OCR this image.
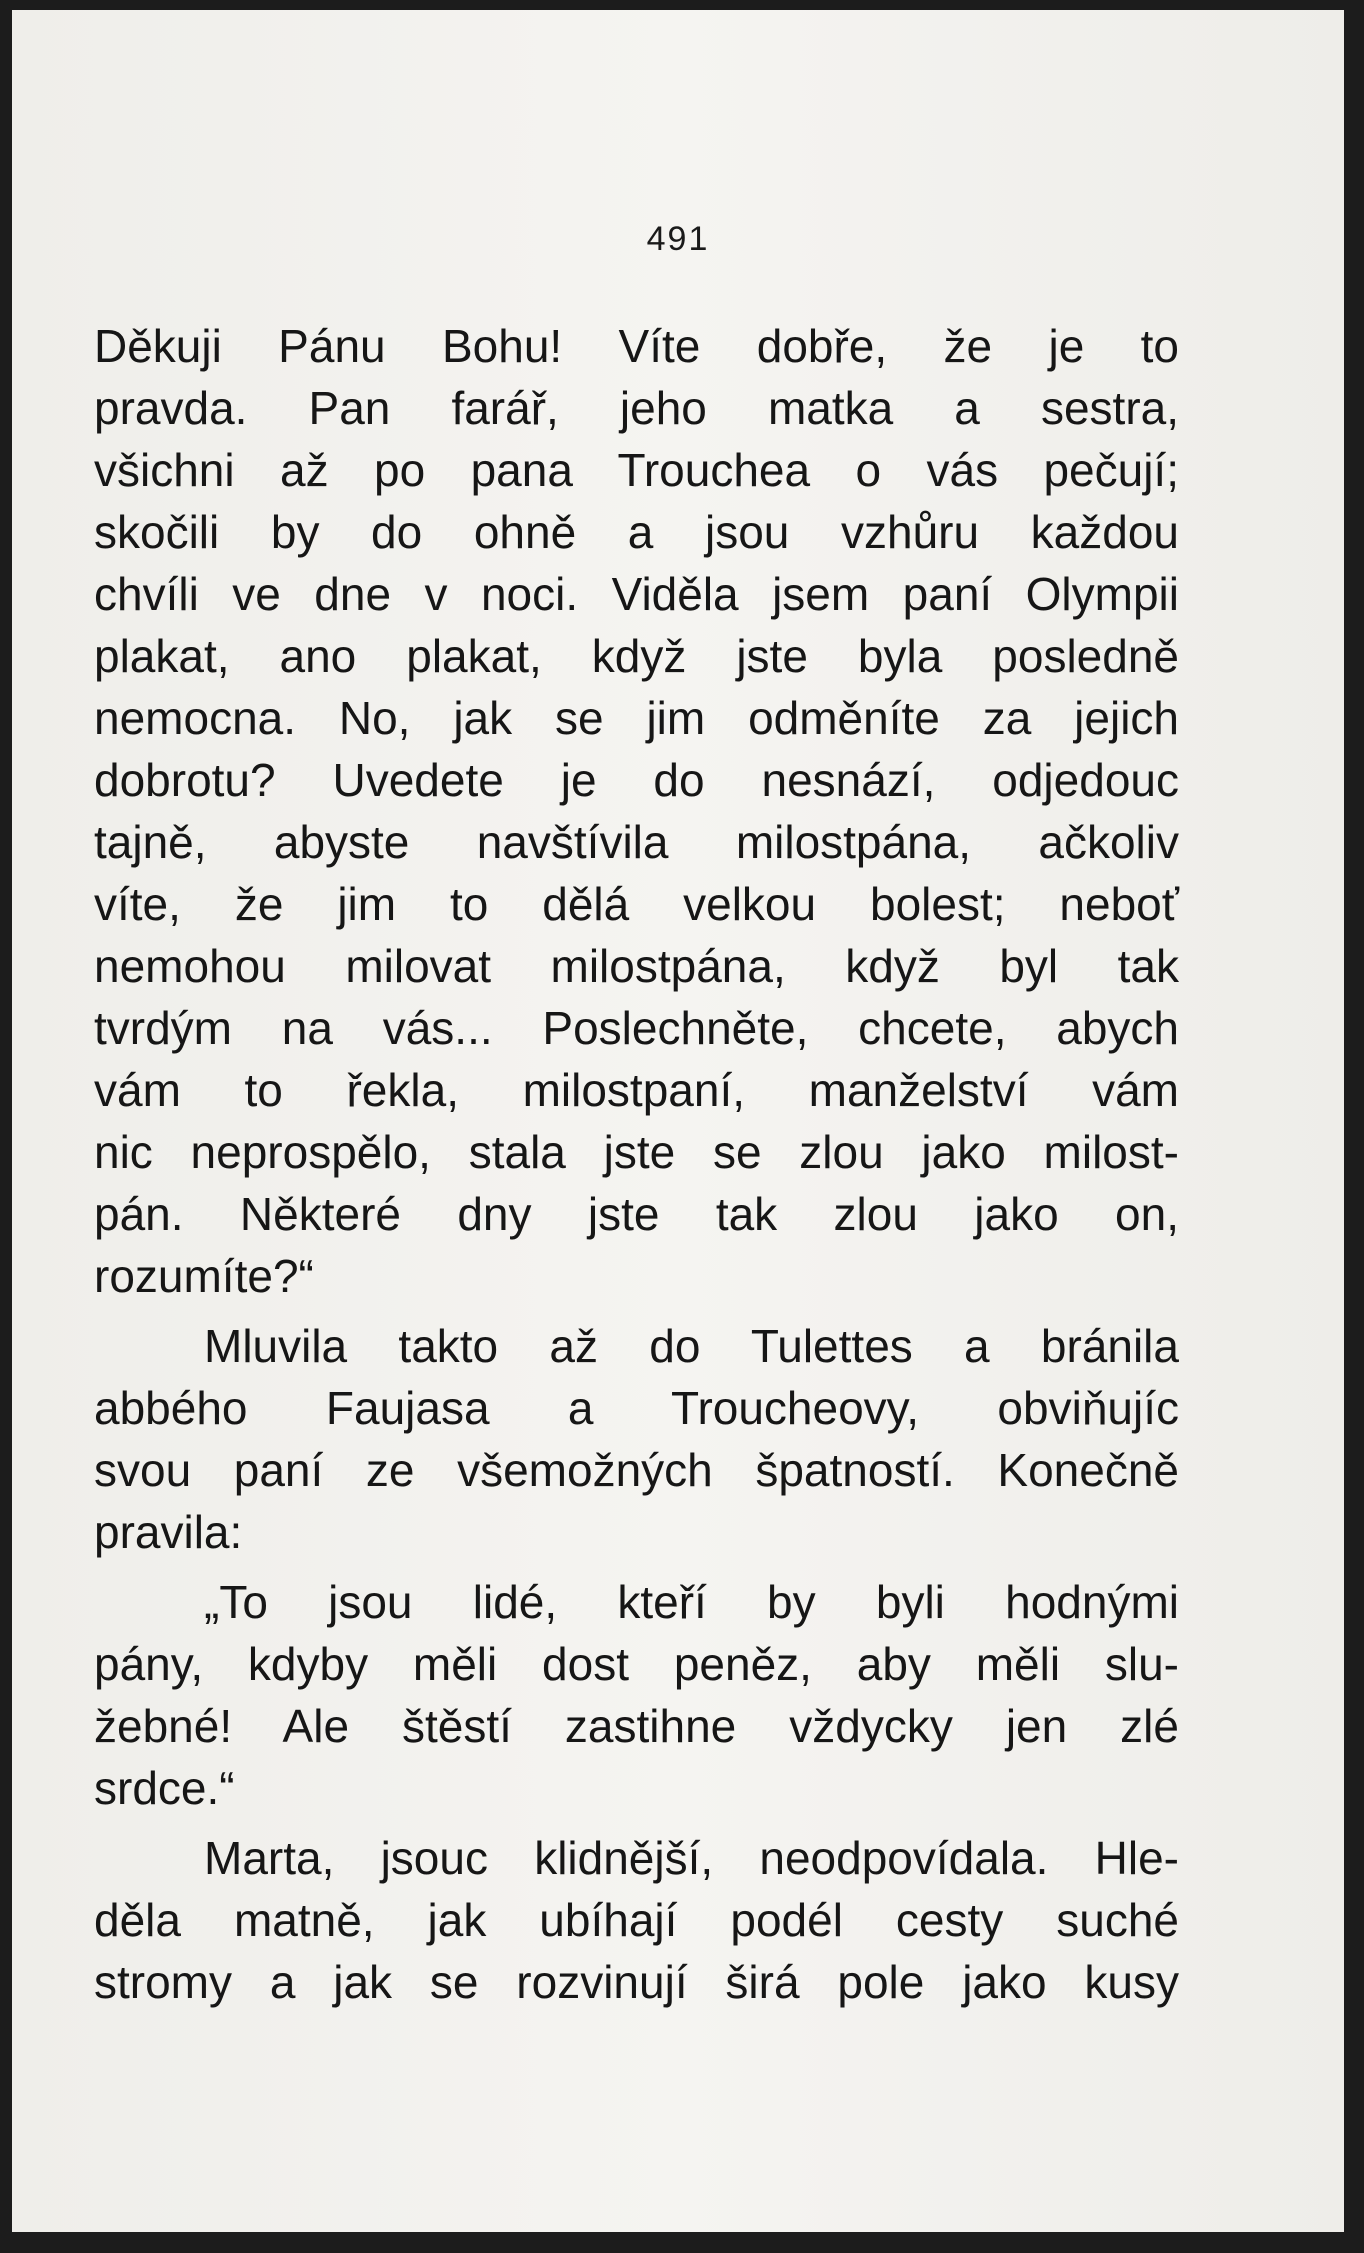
491

Děkuji Pánu Bohu! Víte dobře, že je to
pravda. Pan farář, jeho matka a sestra,
všichni až po pana Trouchea o vás pečují;
skočili by do ohně a jsou vzhůru každou
chvíli ve dne v noci. Viděla jsem paní Olympii
plakat, ano plakat, když jste byla posledně
nemocna. No, jak se jim odměníte za jejich
dobrotu? Uvedete je do nesnází, odjedouc
tajně, abyste navštívila milostpána, ačkoliv
víte, že jim to dělá velkou bolest; neboť
nemohou milovat milostpána, když byl tak
tvrdým na vás... Poslechněte, chcete, abych
vám to řekla, milostpaní, manželství vám
nic neprospělo, stala jste se zlou jako milost-
pán. Některé dny jste tak zlou jako on,
rozumíte?“

Mluvila takto až do Tulettes a bránila
abbého Faujasa a Troucheovy, obviňujíc
svou paní ze všemožných špatností. Konečně
pravila:

„To jsou lidé, kteří by byli hodnými
pány, kdyby měli dost peněz, aby měli slu-
žebné! Ale štěstí zastihne vždycky jen zlé
srdce.“

Marta, jsouc klidnější, neodpovídala. Hle-
děla matně, jak ubíhají podél cesty suché
stromy a jak se rozvinují širá pole jako kusy
